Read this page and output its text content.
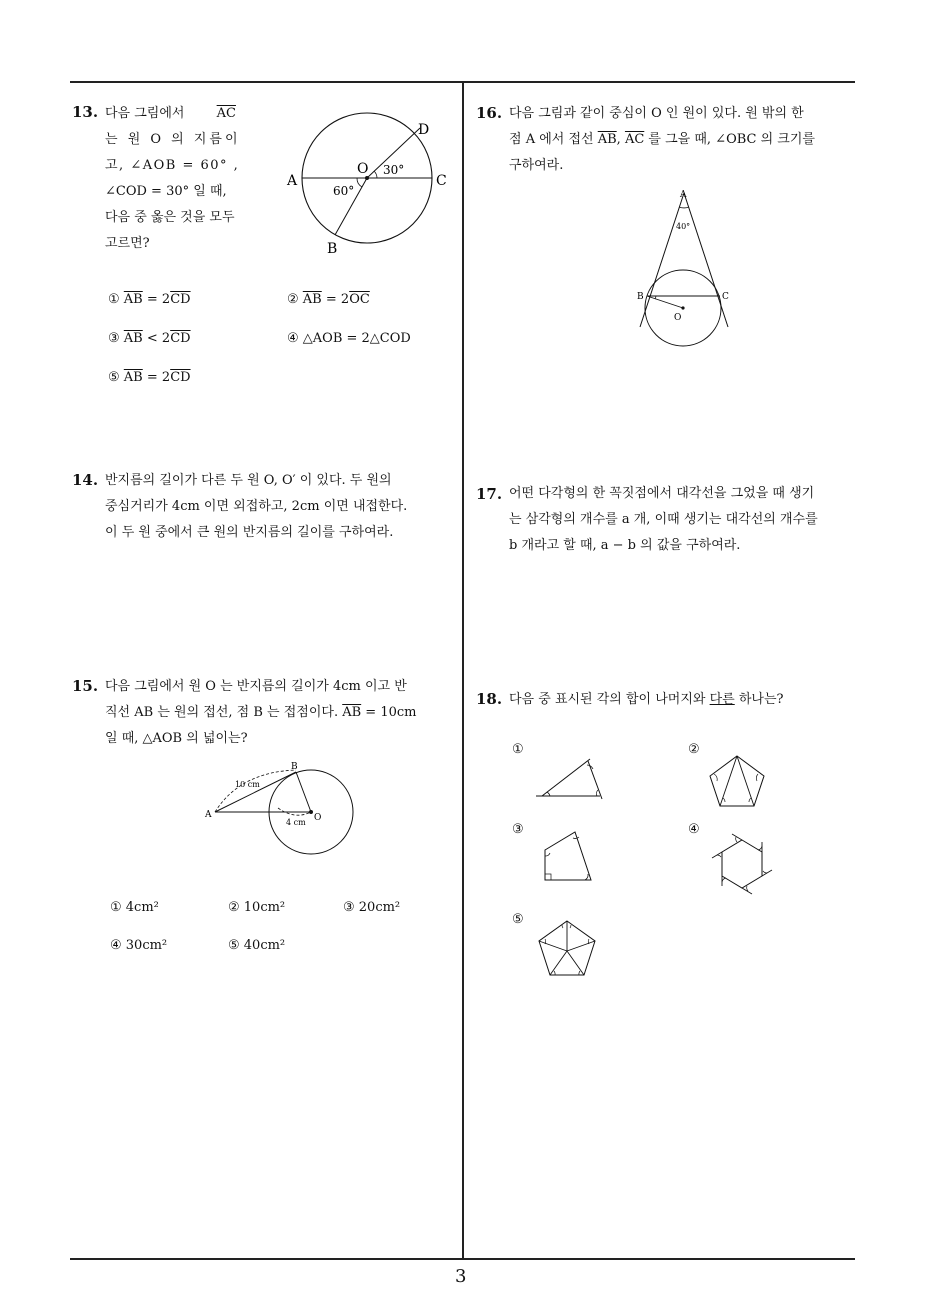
3
13. 다음 그림에서 $\overline{AC}$
는 원 O 의 지름이
고, ∠AOB = 60° ,
∠COD = 30° 일 때,
다음 중 옳은 것을 모두
고르면?
A	C
D
B
O 30°
60°
① $\overline{AB} = 2\overline{CD}$	② $\overline{AB} = 2\overline{OC}$
③ $\overline{AB} < 2\overline{CD}$	④ △AOB = 2△COD
⑤ $\overline{AB} = 2\overline{CD}$
14. 반지름의 길이가 다른 두 원 O, O′ 이 있다. 두 원의
중심거리가 4cm 이면 외접하고, 2cm 이면 내접한다.
이 두 원 중에서 큰 원의 반지름의 길이를 구하여라.
15. 다음 그림에서 원 O 는 반지름의 길이가 4cm 이고 반
직선 AB 는 원의 접선, 점 B 는 접점이다. $\overline{AB} = 10cm$
일 때, △AOB 의 넓이는?
A
B
O
10 cm
4 cm
① 4cm²	② 10cm²	③ 20cm²
④ 30cm²	⑤ 40cm²
16. 다음 그림과 같이 중심이 O 인 원이 있다. 원 밖의 한
점 A 에서 접선 $\overline{AB}$, $\overline{AC}$ 를 그을 때, ∠OBC 의 크기를
구하여라.
A
40°
B	C
O
17. 어떤 다각형의 한 꼭짓점에서 대각선을 그었을 때 생기
는 삼각형의 개수를 a 개, 이때 생기는 대각선의 개수를
b 개라고 할 때, a − b 의 값을 구하여라.
18. 다음 중 표시된 각의 합이 나머지와 다른 하나는?
①	②
③	④
⑤
